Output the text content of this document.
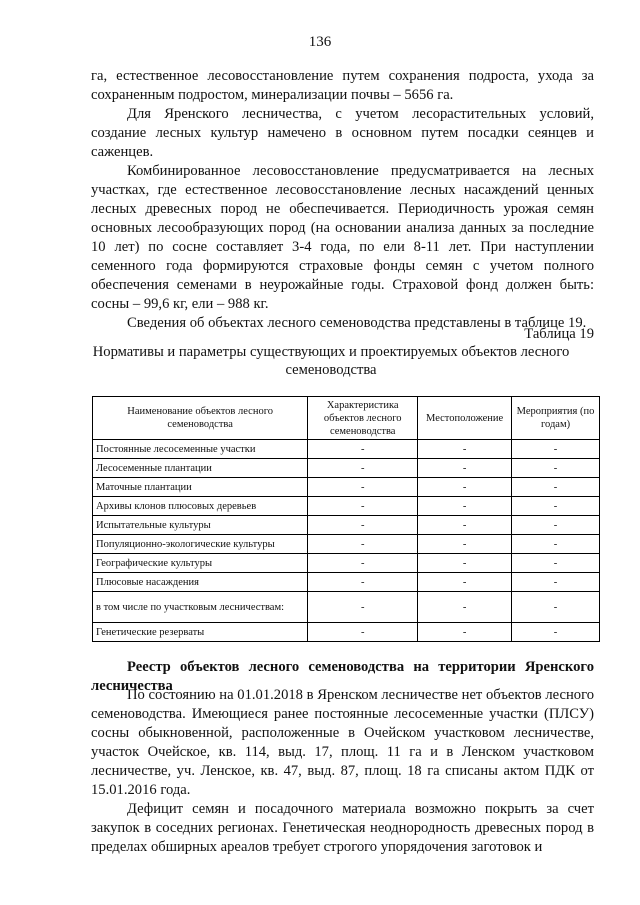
136

га, естественное лесовосстановление путем сохранения подроста, ухода за сохраненным подростом, минерализации почвы – 5656 га.

Для Яренского лесничества, с учетом лесорастительных условий, создание лесных культур намечено в основном путем посадки сеянцев и саженцев.

Комбинированное лесовосстановление предусматривается на лесных участках, где естественное лесовосстановление лесных насаждений ценных лесных древесных пород не обеспечивается. Периодичность урожая семян основных лесообразующих пород (на основании анализа данных за последние 10 лет) по сосне составляет 3-4 года, по ели 8-11 лет. При наступлении семенного года формируются страховые фонды семян с учетом полного обеспечения семенами в неурожайные годы. Страховой фонд должен быть: сосны – 99,6 кг, ели – 988 кг.

Сведения об объектах лесного семеноводства представлены в таблице 19.

Таблица 19
Нормативы и параметры существующих и проектируемых объектов лесного семеноводства
Наименование объектов лесного семеноводства	Характеристика объектов лесного семеноводства	Местоположение	Мероприятия (по годам)
Постоянные лесосеменные участки	-	-	-
Лесосеменные плантации	-	-	-
Маточные плантации	-	-	-
Архивы клонов плюсовых деревьев	-	-	-
Испытательные культуры	-	-	-
Популяционно-экологические культуры	-	-	-
Географические культуры	-	-	-
Плюсовые насаждения	-	-	-
в том числе по участковым лесничествам:	-	-	-
Генетические резерваты	-	-	-
Реестр объектов лесного семеноводства на территории Яренского лесничества

По состоянию на 01.01.2018 в Яренском лесничестве нет объектов лесного семеноводства. Имеющиеся ранее постоянные лесосеменные участки (ПЛСУ) сосны обыкновенной, расположенные в Очейском участковом лесничестве, участок Очейское, кв. 114, выд. 17, площ. 11 га и в Ленском участковом лесничестве, уч. Ленское, кв. 47, выд. 87, площ. 18 га списаны актом ПДК от 15.01.2016 года.

Дефицит семян и посадочного материала возможно покрыть за счет закупок в соседних регионах. Генетическая неоднородность древесных пород в пределах обширных ареалов требует строгого упорядочения заготовок и
